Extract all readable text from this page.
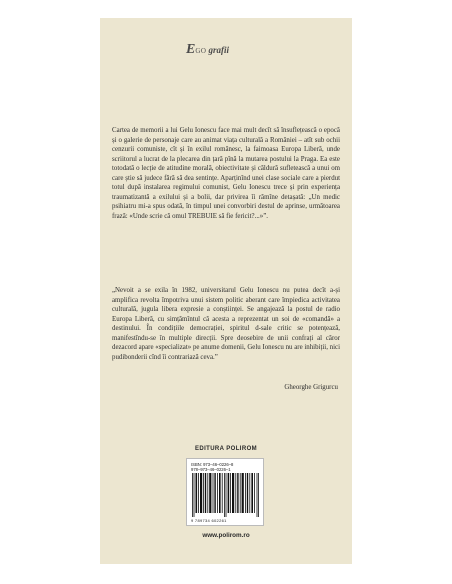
EGO grafii

Cartea de memorii a lui Gelu Ionescu face mai mult decît să însuflețească o epocă și o galerie de personaje care au animat viața culturală a României – atît sub ochii cenzurii comuniste, cît și în exilul românesc, la faimoasa Europa Liberă, unde scriitorul a lucrat de la plecarea din țară pînă la mutarea postului la Praga. Ea este totodată o lecție de atitudine morală, obiectivitate și căldură sufletească a unui om care știe să judece fără să dea sentințe. Aparținînd unei clase sociale care a pierdut totul după instalarea regimului comunist, Gelu Ionescu trece și prin experiența traumatizantă a exilului și a bolii, dar privirea îi rămîne detașată: „Un medic psihiatru mi-a spus odată, în timpul unei convorbiri destul de aprinse, următoarea frază: «Unde scrie că omul TREBUIE să fie fericit?...»”.

„Nevoit a se exila în 1982, universitarul Gelu Ionescu nu putea decît a-și amplifica revolta împotriva unui sistem politic aberant care împiedica activitatea culturală, jugula libera expresie a conștiinței. Se angajează la postul de radio Europa Liberă, cu simțămîntul că acesta a reprezentat un soi de «comandă» a destinului. În condițiile democrației, spiritul d-sale critic se potențează, manifestîndu-se în multiple direcții. Spre deosebire de unii confrați al căror dezacord apare «specializat» pe anume domenii, Gelu Ionescu nu are inhibiții, nici pudibonderii cînd îi contrariază ceva.”

Gheorghe Grigurcu
EDITURA POLIROM
ISBN: 973–46–0226–8
978–973–46–0226–1
9 789734 602261
www.polirom.ro
